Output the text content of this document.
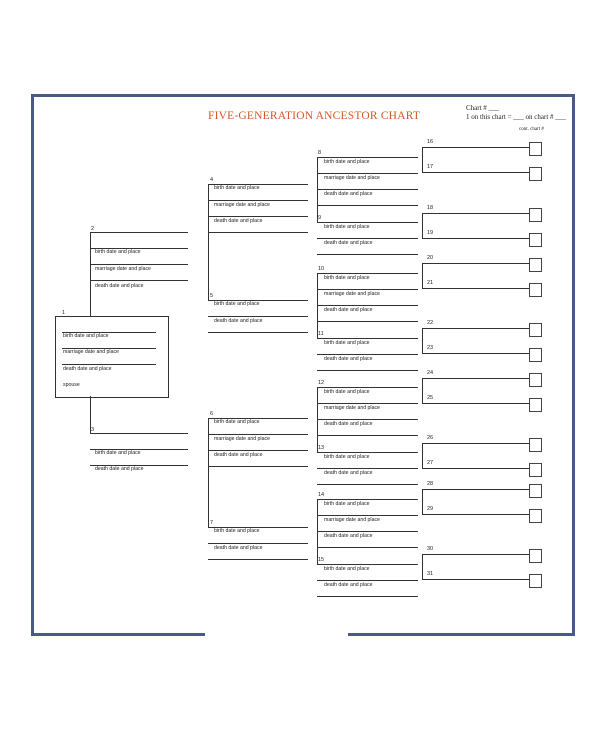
FIVE-GENERATION ANCESTOR CHART
Chart # ___
1 on this chart = ___ on chart # ___
cont. chart #
1
birth date and place
marriage date and place
death date and place
spouse
2
birth date and place
marriage date and place
death date and place
3
birth date and place
death date and place
4
birth date and place
marriage date and place
death date and place
5
birth date and place
death date and place
6
birth date and place
marriage date and place
death date and place
7
birth date and place
death date and place
8
birth date and place
marriage date and place
death date and place
9
birth date and place
death date and place
10
birth date and place
marriage date and place
death date and place
11
birth date and place
death date and place
12
birth date and place
marriage date and place
death date and place
13
birth date and place
death date and place
14
birth date and place
marriage date and place
death date and place
15
birth date and place
death date and place
16
17
18
19
20
21
22
23
24
25
26
27
28
29
30
31
